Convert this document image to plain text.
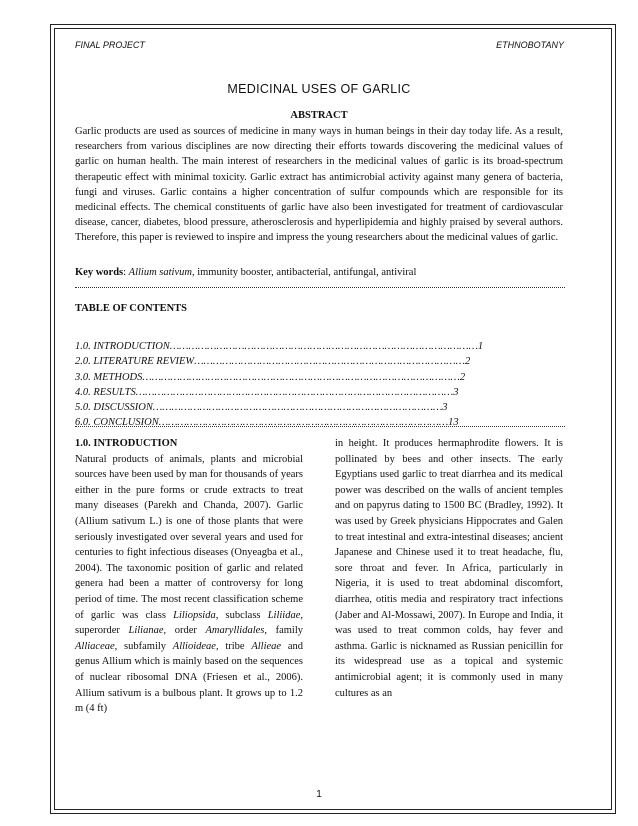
FINAL PROJECT	ETHNOBOTANY
MEDICINAL USES OF GARLIC
ABSTRACT
Garlic products are used as sources of medicine in many ways in human beings in their day today life. As a result, researchers from various disciplines are now directing their efforts towards discovering the medicinal values of garlic on human health. The main interest of researchers in the medicinal values of garlic is its broad-spectrum therapeutic effect with minimal toxicity. Garlic extract has antimicrobial activity against many genera of bacteria, fungi and viruses. Garlic contains a higher concentration of sulfur compounds which are responsible for its medicinal effects. The chemical constituents of garlic have also been investigated for treatment of cardiovascular disease, cancer, diabetes, blood pressure, atherosclerosis and hyperlipidemia and highly praised by several authors. Therefore, this paper is reviewed to inspire and impress the young researchers about the medicinal values of garlic.
Key words: Allium sativum, immunity booster, antibacterial, antifungal, antiviral
TABLE OF CONTENTS
1.0. INTRODUCTION………………………………………………………………………………………1
2.0. LITERATURE REVIEW……………………………………………………………………………2
3.0. METHODS…………………………………………………………………………………………2
4.0. RESULTS…………………………………………………………………………………………3
5.0. DISCUSSION…………………………………………………………………………………3
6.0. CONCLUSION…………………………………………………………………………………13
1.0. INTRODUCTION
Natural products of animals, plants and microbial sources have been used by man for thousands of years either in the pure forms or crude extracts to treat many diseases (Parekh and Chanda, 2007). Garlic (Allium sativum L.) is one of those plants that were seriously investigated over several years and used for centuries to fight infectious diseases (Onyeagba et al., 2004). The taxonomic position of garlic and related genera had been a matter of controversy for long period of time. The most recent classification scheme of garlic was class Liliopsida, subclass Liliidae, superorder Lilianae, order Amaryllidales, family Alliaceae, subfamily Allioideae, tribe Allieae and genus Allium which is mainly based on the sequences of nuclear ribosomal DNA (Friesen et al., 2006). Allium sativum is a bulbous plant. It grows up to 1.2 m (4 ft)
in height. It produces hermaphrodite flowers. It is pollinated by bees and other insects. The early Egyptians used garlic to treat diarrhea and its medical power was described on the walls of ancient temples and on papyrus dating to 1500 BC (Bradley, 1992). It was used by Greek physicians Hippocrates and Galen to treat intestinal and extra-intestinal diseases; ancient Japanese and Chinese used it to treat headache, flu, sore throat and fever. In Africa, particularly in Nigeria, it is used to treat abdominal discomfort, diarrhea, otitis media and respiratory tract infections (Jaber and Al-Mossawi, 2007). In Europe and India, it was used to treat common colds, hay fever and asthma. Garlic is nicknamed as Russian penicillin for its widespread use as a topical and systemic antimicrobial agent; it is commonly used in many cultures as an
1
